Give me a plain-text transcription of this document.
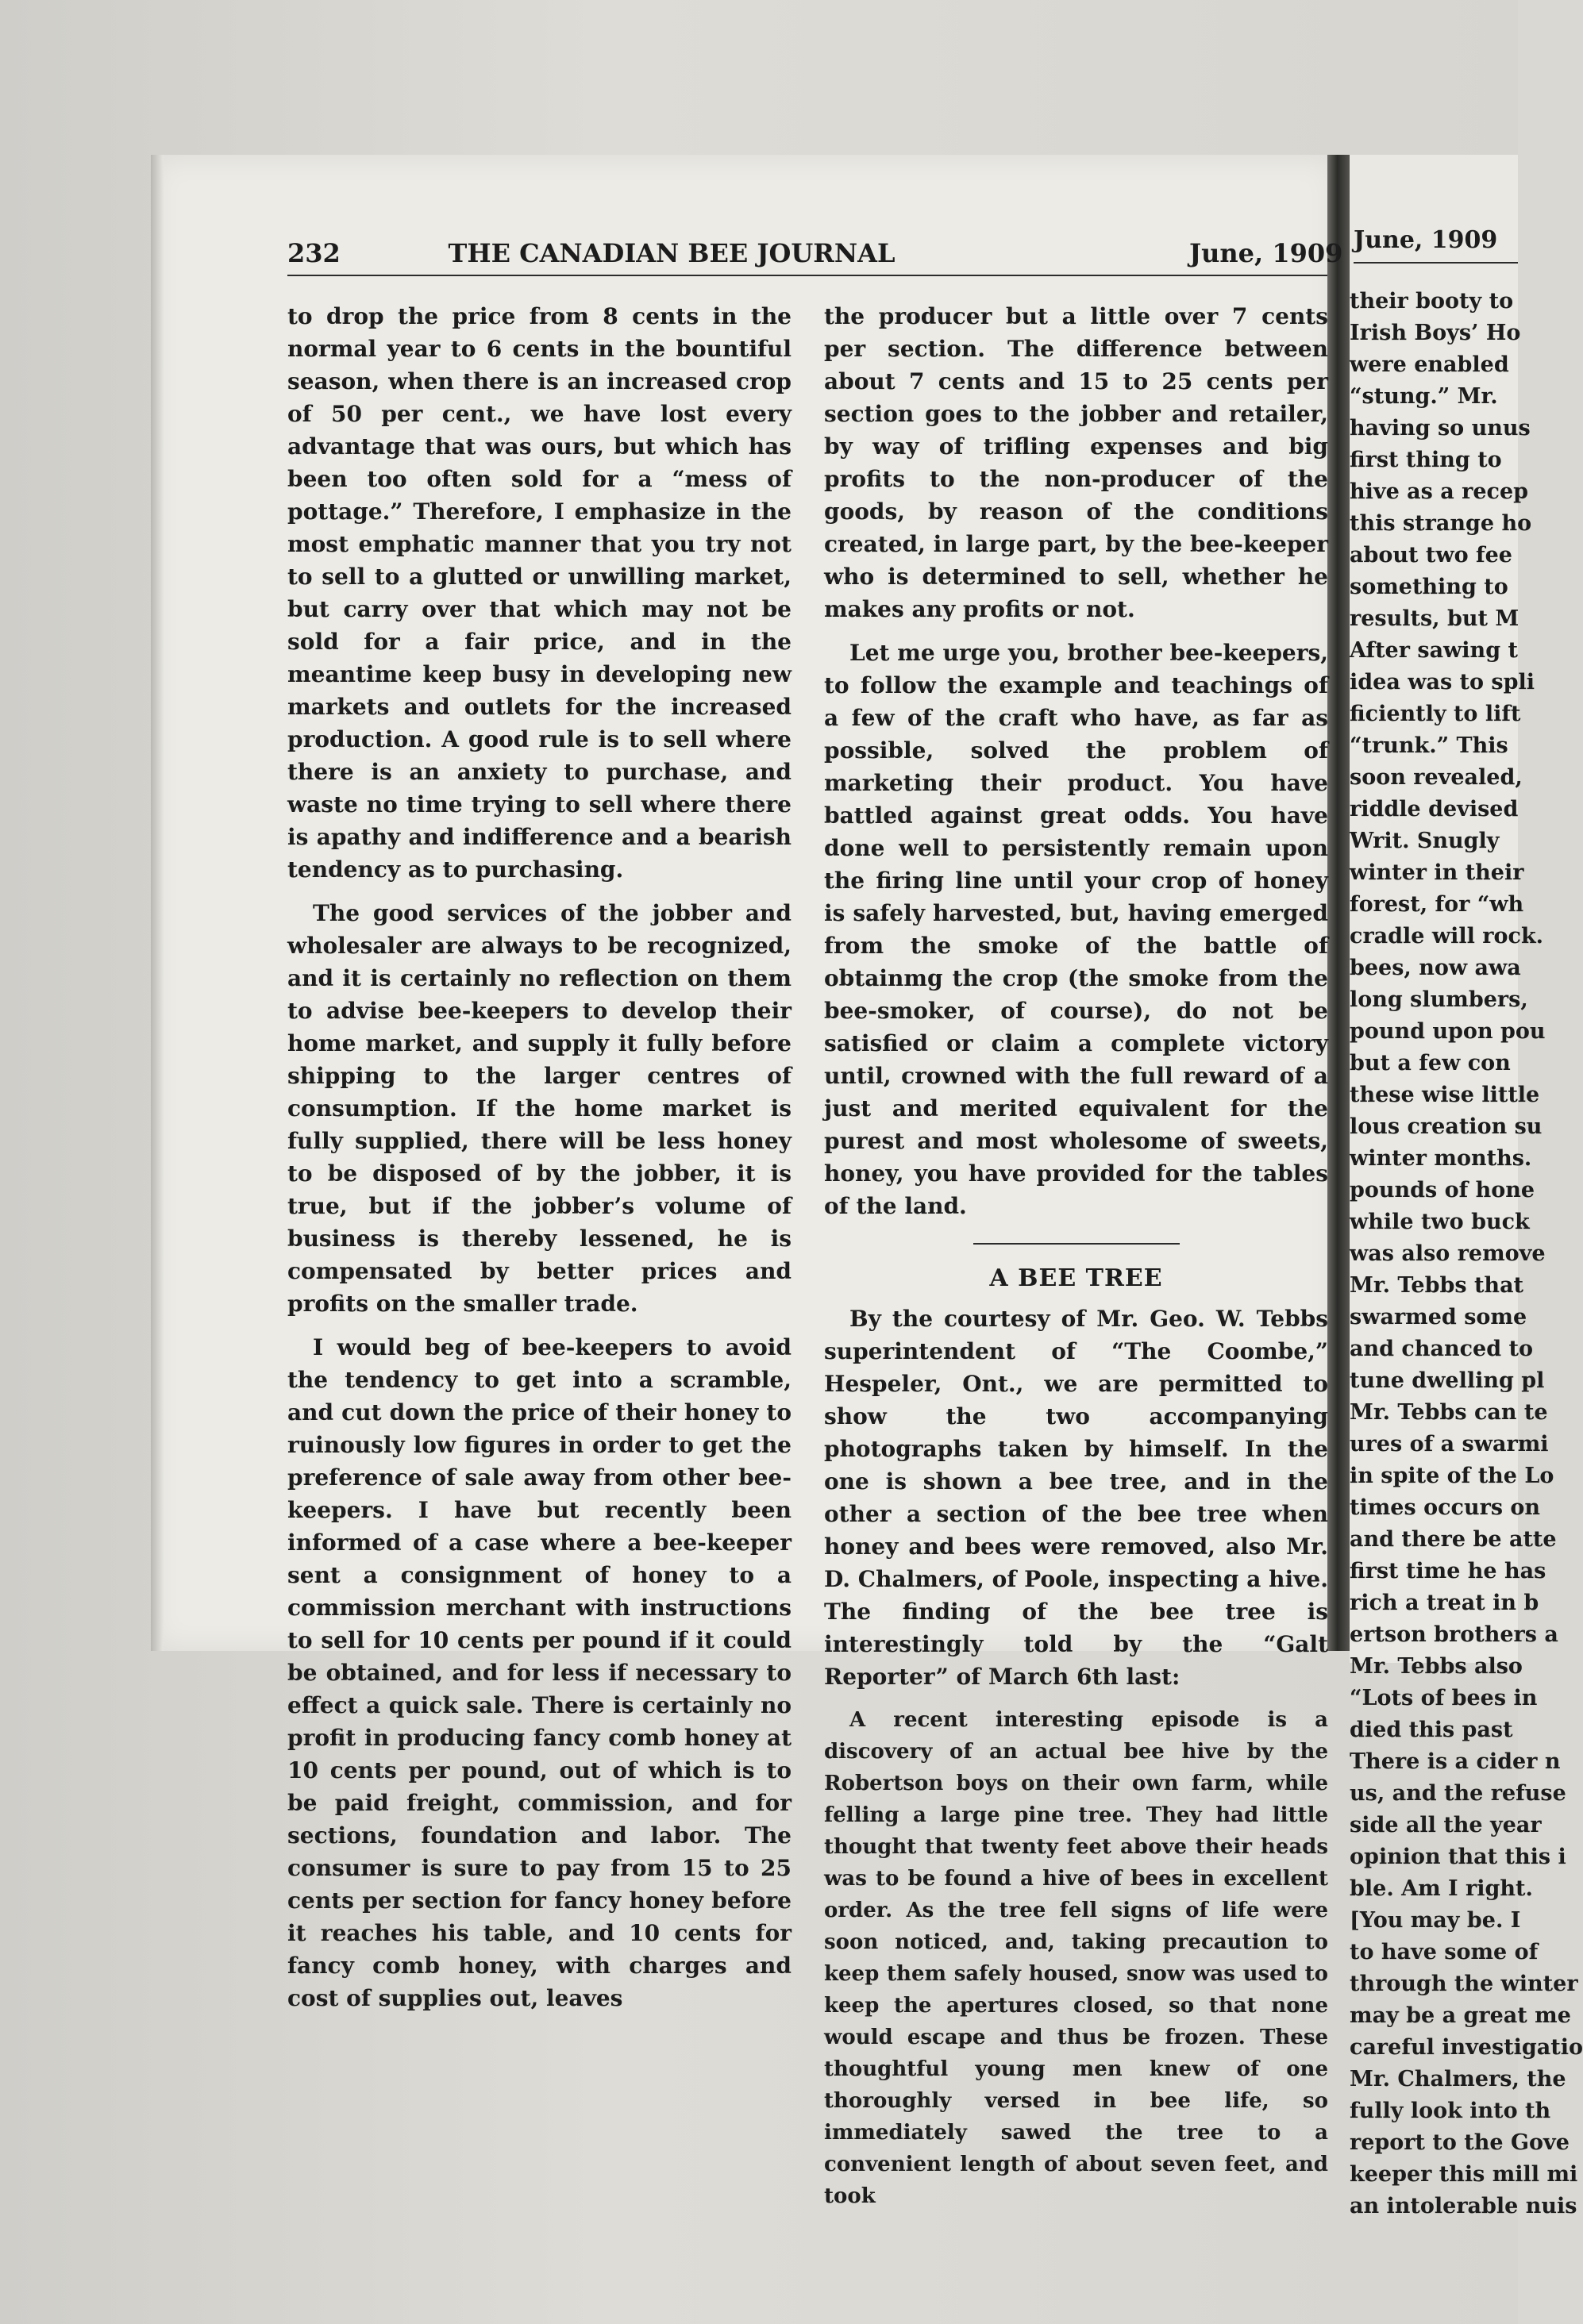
232	THE CANADIAN BEE JOURNAL	June, 1909

to drop the price from 8 cents in the normal year to 6 cents in the bountiful season, when there is an increased crop of 50 per cent., we have lost every advantage that was ours, but which has been too often sold for a “mess of pottage.” Therefore, I emphasize in the most emphatic manner that you try not to sell to a glutted or unwilling market, but carry over that which may not be sold for a fair price, and in the meantime keep busy in developing new markets and outlets for the increased production. A good rule is to sell where there is an anxiety to purchase, and waste no time trying to sell where there is apathy and indifference and a bearish tendency as to purchasing.

The good services of the jobber and wholesaler are always to be recognized, and it is certainly no reflection on them to advise bee-keepers to develop their home market, and supply it fully before shipping to the larger centres of consumption. If the home market is fully supplied, there will be less honey to be disposed of by the jobber, it is true, but if the jobber’s volume of business is thereby lessened, he is compensated by better prices and profits on the smaller trade.

I would beg of bee-keepers to avoid the tendency to get into a scramble, and cut down the price of their honey to ruinously low figures in order to get the preference of sale away from other bee-keepers. I have but recently been informed of a case where a bee-keeper sent a consignment of honey to a commission merchant with instructions to sell for 10 cents per pound if it could be obtained, and for less if necessary to effect a quick sale. There is certainly no profit in producing fancy comb honey at 10 cents per pound, out of which is to be paid freight, commission, and for sections, foundation and labor. The consumer is sure to pay from 15 to 25 cents per section for fancy honey before it reaches his table, and 10 cents for fancy comb honey, with charges and cost of supplies out, leaves

the producer but a little over 7 cents per section. The difference between about 7 cents and 15 to 25 cents per section goes to the jobber and retailer, by way of trifling expenses and big profits to the non-producer of the goods, by reason of the conditions created, in large part, by the bee-keeper who is determined to sell, whether he makes any profits or not.

Let me urge you, brother bee-keepers, to follow the example and teachings of a few of the craft who have, as far as possible, solved the problem of marketing their product. You have battled against great odds. You have done well to persistently remain upon the firing line until your crop of honey is safely harvested, but, having emerged from the smoke of the battle of obtainmg the crop (the smoke from the bee-smoker, of course), do not be satisfied or claim a complete victory until, crowned with the full reward of a just and merited equivalent for the purest and most wholesome of sweets, honey, you have provided for the tables of the land.

A BEE TREE

By the courtesy of Mr. Geo. W. Tebbs superintendent of “The Coombe,” Hespeler, Ont., we are permitted to show the two accompanying photographs taken by himself. In the one is shown a bee tree, and in the other a section of the bee tree when honey and bees were removed, also Mr. D. Chalmers, of Poole, inspecting a hive. The finding of the bee tree is interestingly told by the “Galt Reporter” of March 6th last:

A recent interesting episode is a discovery of an actual bee hive by the Robertson boys on their own farm, while felling a large pine tree. They had little thought that twenty feet above their heads was to be found a hive of bees in excellent order. As the tree fell signs of life were soon noticed, and, taking precaution to keep them safely housed, snow was used to keep the apertures closed, so that none would escape and thus be frozen. These thoughtful young men knew of one thoroughly versed in bee life, so immediately sawed the tree to a convenient length of about seven feet, and took

June, 1909
their booty to
Irish Boys’ Ho
were enabled
“stung.” Mr.
having so unus
first thing to
hive as a recep
this strange ho
about two fee
something to
results, but M
After sawing t
idea was to spli
ficiently to lift
“trunk.” This
soon revealed,
riddle devised
Writ. Snugly
winter in their
forest, for “wh
cradle will rock.
bees, now awa
long slumbers,
pound upon pou
but a few con
these wise little
lous creation su
winter months.
pounds of hone
while two buck
was also remove
Mr. Tebbs that
swarmed some
and chanced to
tune dwelling pl
Mr. Tebbs can te
ures of a swarmi
in spite of the Lo
times occurs on
and there be atte
first time he has
rich a treat in b
ertson brothers a
Mr. Tebbs also
“Lots of bees in
died this past
There is a cider n
us, and the refuse
side all the year
opinion that this i
ble. Am I right.
[You may be. I
to have some of
through the winter
may be a great me
careful investigatio
Mr. Chalmers, the
fully look into th
report to the Gove
keeper this mill mi
an intolerable nuis
